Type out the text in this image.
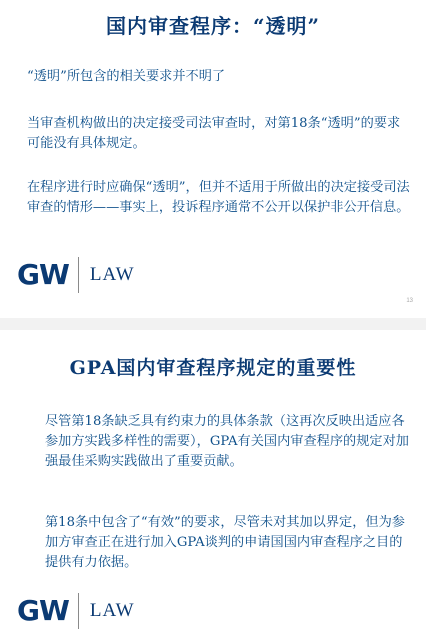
国内审查程序：“透明”

“透明”所包含的相关要求并不明了

当审查机构做出的决定接受司法审查时，对第18条“透明”的要求可能没有具体规定。

在程序进行时应确保“透明”，但并不适用于所做出的决定接受司法审查的情形——事实上，投诉程序通常不公开以保护非公开信息。

GW LAW
13
GPA国内审查程序规定的重要性

尽管第18条缺乏具有约束力的具体条款（这再次反映出适应各参加方实践多样性的需要），GPA有关国内审查程序的规定对加强最佳采购实践做出了重要贡献。

第18条中包含了“有效”的要求，尽管未对其加以界定，但为参加方审查正在进行加入GPA谈判的申请国国内审查程序之目的提供有力依据。

GW LAW
